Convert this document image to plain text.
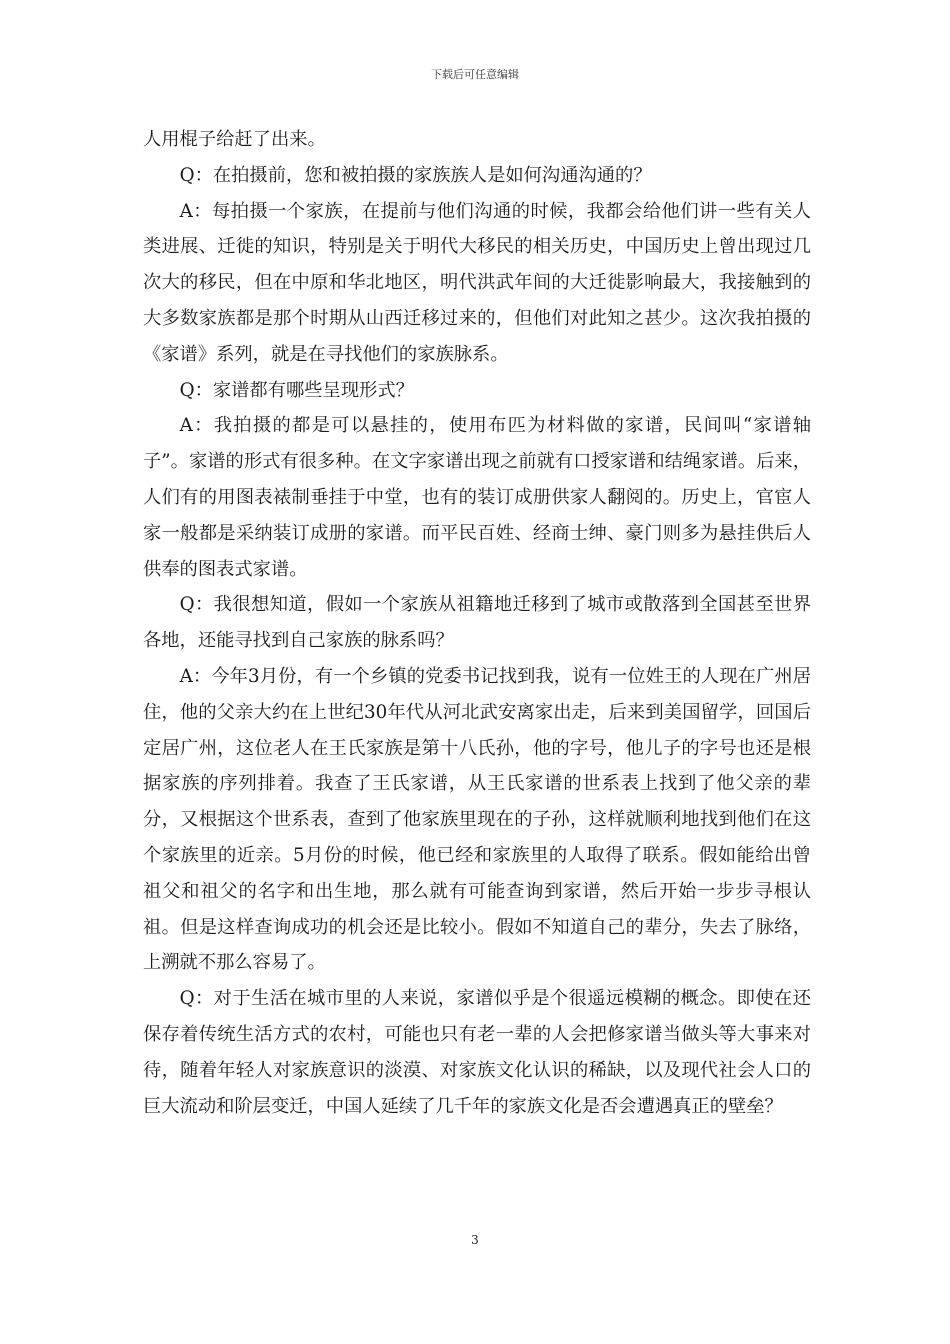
下载后可任意编辑

人用棍子给赶了出来。

Q：在拍摄前，您和被拍摄的家族族人是如何沟通沟通的？

A：每拍摄一个家族，在提前与他们沟通的时候，我都会给他们讲一些有关人类进展、迁徙的知识，特别是关于明代大移民的相关历史，中国历史上曾出现过几次大的移民，但在中原和华北地区，明代洪武年间的大迁徙影响最大，我接触到的大多数家族都是那个时期从山西迁移过来的，但他们对此知之甚少。这次我拍摄的《家谱》系列，就是在寻找他们的家族脉系。

Q：家谱都有哪些呈现形式？

A：我拍摄的都是可以悬挂的，使用布匹为材料做的家谱，民间叫“家谱轴子”。家谱的形式有很多种。在文字家谱出现之前就有口授家谱和结绳家谱。后来，人们有的用图表裱制垂挂于中堂，也有的装订成册供家人翻阅的。历史上，官宦人家一般都是采纳装订成册的家谱。而平民百姓、经商士绅、豪门则多为悬挂供后人供奉的图表式家谱。

Q：我很想知道，假如一个家族从祖籍地迁移到了城市或散落到全国甚至世界各地，还能寻找到自己家族的脉系吗？

A：今年3月份，有一个乡镇的党委书记找到我，说有一位姓王的人现在广州居住，他的父亲大约在上世纪30年代从河北武安离家出走，后来到美国留学，回国后定居广州，这位老人在王氏家族是第十八氏孙，他的字号，他儿子的字号也还是根据家族的序列排着。我查了王氏家谱，从王氏家谱的世系表上找到了他父亲的辈分，又根据这个世系表，查到了他家族里现在的子孙，这样就顺利地找到他们在这个家族里的近亲。5月份的时候，他已经和家族里的人取得了联系。假如能给出曾祖父和祖父的名字和出生地，那么就有可能查询到家谱，然后开始一步步寻根认祖。但是这样查询成功的机会还是比较小。假如不知道自己的辈分，失去了脉络，上溯就不那么容易了。

Q：对于生活在城市里的人来说，家谱似乎是个很遥远模糊的概念。即使在还保存着传统生活方式的农村，可能也只有老一辈的人会把修家谱当做头等大事来对待，随着年轻人对家族意识的淡漠、对家族文化认识的稀缺，以及现代社会人口的巨大流动和阶层变迁，中国人延续了几千年的家族文化是否会遭遇真正的壁垒？

3
